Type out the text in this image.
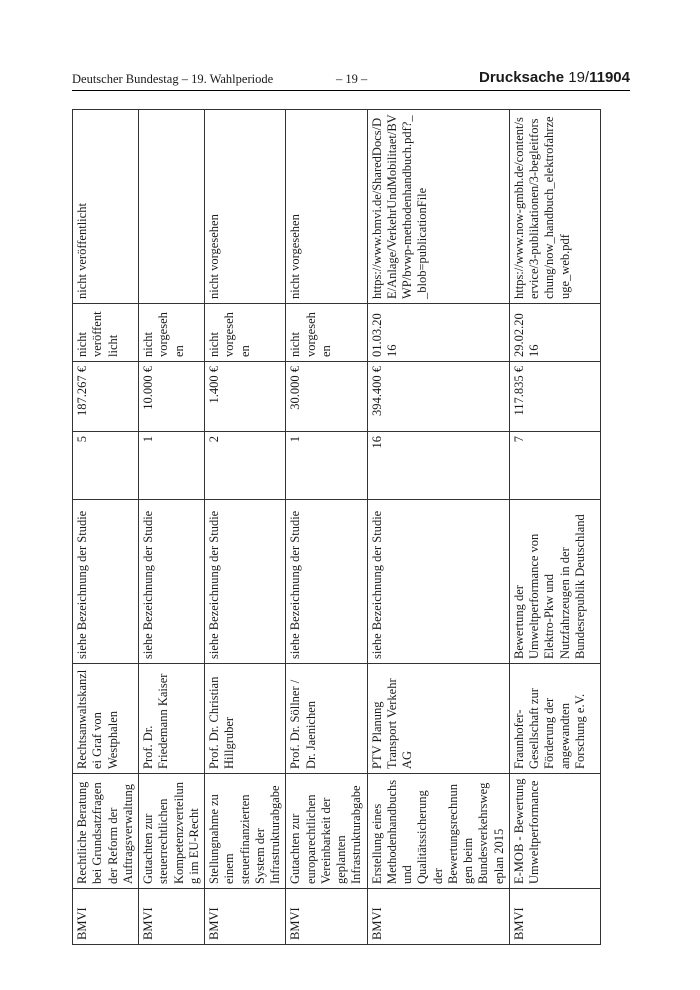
Deutscher Bundestag – 19. Wahlperiode	– 19 –	Drucksache 19/11904
BMVI	Rechtliche Beratung bei Grundsatzfragen der Reform der Auftragsverwaltung	Rechtsanwaltskanzlei Graf von Westphalen	siehe Bezeichnung der Studie	5	187.267 €	nicht veröffentlicht	nicht veröffentlicht
BMVI	Gutachten zur steuerrechtlichen Kompetenzverteilung im EU-Recht	Prof. Dr. Friedemann Kaiser	siehe Bezeichnung der Studie	1	10.000 €	nicht vorgesehen	
BMVI	Stellungnahme zu einem steuerfinanzierten System der Infrastrukturabgabe	Prof. Dr. Christian Hillgruber	siehe Bezeichnung der Studie	2	1.400 €	nicht vorgesehen	nicht vorgesehen
BMVI	Gutachten zur europarechtlichen Vereinbarkeit der geplanten Infrastrukturabgabe	Prof. Dr. Söllner / Dr. Jaenichen	siehe Bezeichnung der Studie	1	30.000 €	nicht vorgesehen	nicht vorgesehen
BMVI	Erstellung eines Methodenhandbuchs und Qualitätssicherung der Bewertungsrechnungen beim Bundesverkehrswegeplan 2015	PTV Planung Transport Verkehr AG	siehe Bezeichnung der Studie	16	394.400 €	01.03.2016	https://www.bmvi.de/SharedDocs/DE/Anlage/VerkehrUndMobilitaet/BVWP/bvwp-methodenhandbuch.pdf?__blob=publicationFile
BMVI	E-MOB - Bewertung Umweltperformance	Fraunhofer-Gesellschaft zur Förderung der angewandten Forschung e.V.	Bewertung der Umweltperformance von Elektro-Pkw und Nutzfahrzeugen in der Bundesrepublik Deutschland	7	117.835 €	29.02.2016	https://www.now-gmbh.de/content/service/3-publikationen/3-begleitforschung/now_handbuch_elektrofahrzeuge_web.pdf
